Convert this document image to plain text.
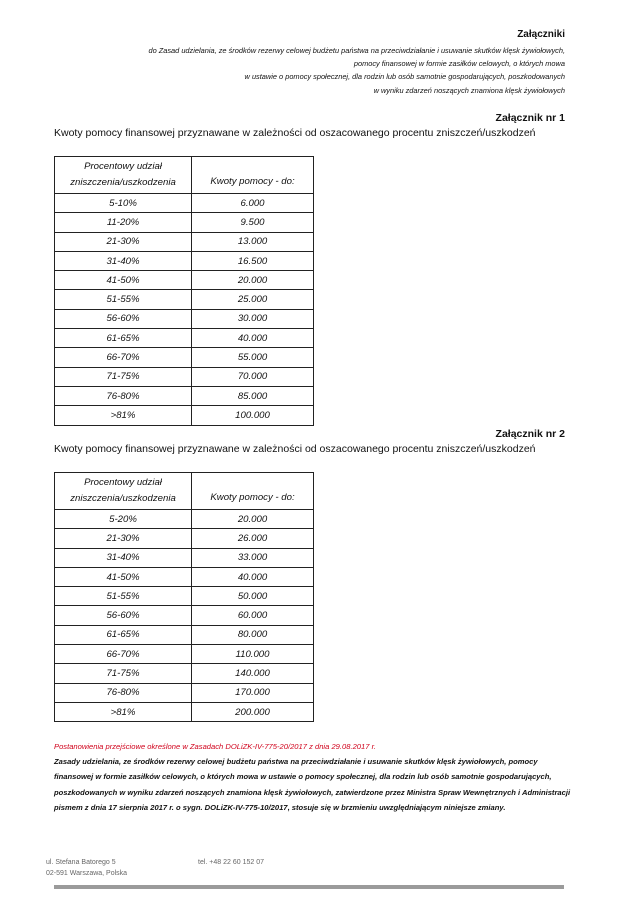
Załączniki
do Zasad udzielania, ze środków rezerwy celowej budżetu państwa na przeciwdziałanie i usuwanie skutków klęsk żywiołowych,
pomocy finansowej w formie zasiłków celowych, o których mowa
w ustawie o pomocy społecznej, dla rodzin lub osób samotnie gospodarujących, poszkodowanych
w wyniku zdarzeń noszących znamiona klęsk żywiołowych
Załącznik nr 1
Kwoty pomocy finansowej przyznawane w zależności od oszacowanego procentu zniszczeń/uszkodzeń
Procentowy udział
zniszczenia/uszkodzenia	Kwoty pomocy - do:

5-10%	6.000
11-20%	9.500
21-30%	13.000
31-40%	16.500
41-50%	20.000
51-55%	25.000
56-60%	30.000
61-65%	40.000
66-70%	55.000
71-75%	70.000
76-80%	85.000
>81%	100.000
Załącznik nr 2
Kwoty pomocy finansowej przyznawane w zależności od oszacowanego procentu zniszczeń/uszkodzeń
Procentowy udział
zniszczenia/uszkodzenia	Kwoty pomocy - do:

5-20%	20.000
21-30%	26.000
31-40%	33.000
41-50%	40.000
51-55%	50.000
56-60%	60.000
61-65%	80.000
66-70%	110.000
71-75%	140.000
76-80%	170.000
>81%	200.000
Postanowienia przejściowe określone w Zasadach DOLiZK-IV-775-20/2017 z dnia 29.08.2017 r.
Zasady udzielania, ze środków rezerwy celowej budżetu państwa na przeciwdziałanie i usuwanie skutków klęsk żywiołowych, pomocy finansowej w formie zasiłków celowych, o których mowa w ustawie o pomocy społecznej, dla rodzin lub osób samotnie gospodarujących, poszkodowanych w wyniku zdarzeń noszących znamiona klęsk żywiołowych, zatwierdzone przez Ministra Spraw Wewnętrznych i Administracji pismem z dnia 17 sierpnia 2017 r. o sygn. DOLiZK-IV-775-10/2017, stosuje się w brzmieniu uwzględniającym niniejsze zmiany.
ul. Stefana Batorego 5
02-591 Warszawa, Polska
tel. +48 22 60 152 07
